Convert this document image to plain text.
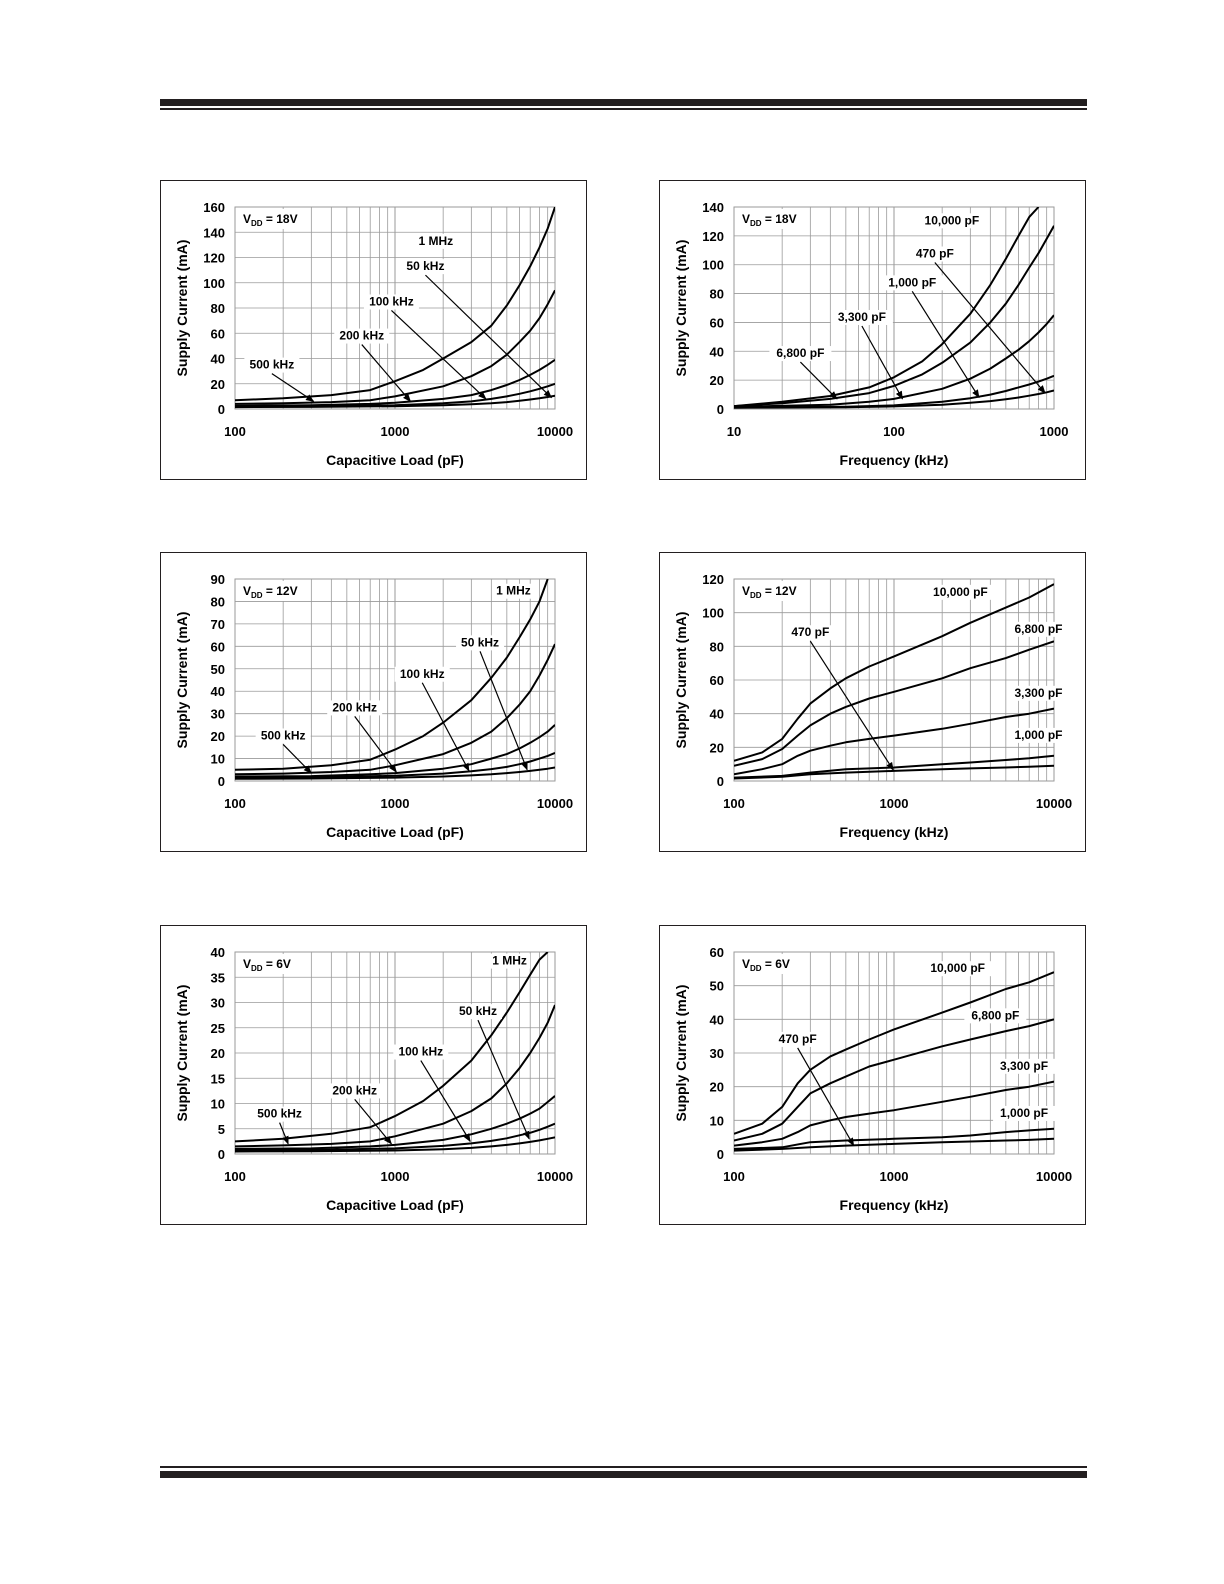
0
20
40
60
80
100
120
140
160
100	1000	10000
Capacitive Load (pF)
Supply Current (mA)
$V_{DD} = 18V$
1 MHz
50 kHz
100 kHz
200 kHz
500 kHz
0
20
40
60
80
100
120
140
10	100	1000
Frequency (kHz)
Supply Current (mA)
$V_{DD} = 18V$	10,000 pF
470 pF
1,000 pF
3,300 pF
6,800 pF
0
10
20
30
40
50
60
70
80
90
100	1000	10000
Capacitive Load (pF)
Supply Current (mA)
$V_{DD} = 12V$	1 MHz
50 kHz
100 kHz
200 kHz
500 kHz
0
20
40
60
80
100
120
100	1000	10000
Frequency (kHz)
Supply Current (mA)
$V_{DD} = 12V$	10,000 pF
6,800 pF
3,300 pF
1,000 pF
470 pF
0
5
10
15
20
25
30
35
40
100	1000	10000
Capacitive Load (pF)
Supply Current (mA)
$V_{DD} = 6V$	1 MHz
50 kHz
100 kHz
200 kHz
500 kHz
0
10
20
30
40
50
60
100	1000	10000
Frequency (kHz)
Supply Current (mA)
$V_{DD} = 6V$	10,000 pF
6,800 pF
3,300 pF
1,000 pF
470 pF
